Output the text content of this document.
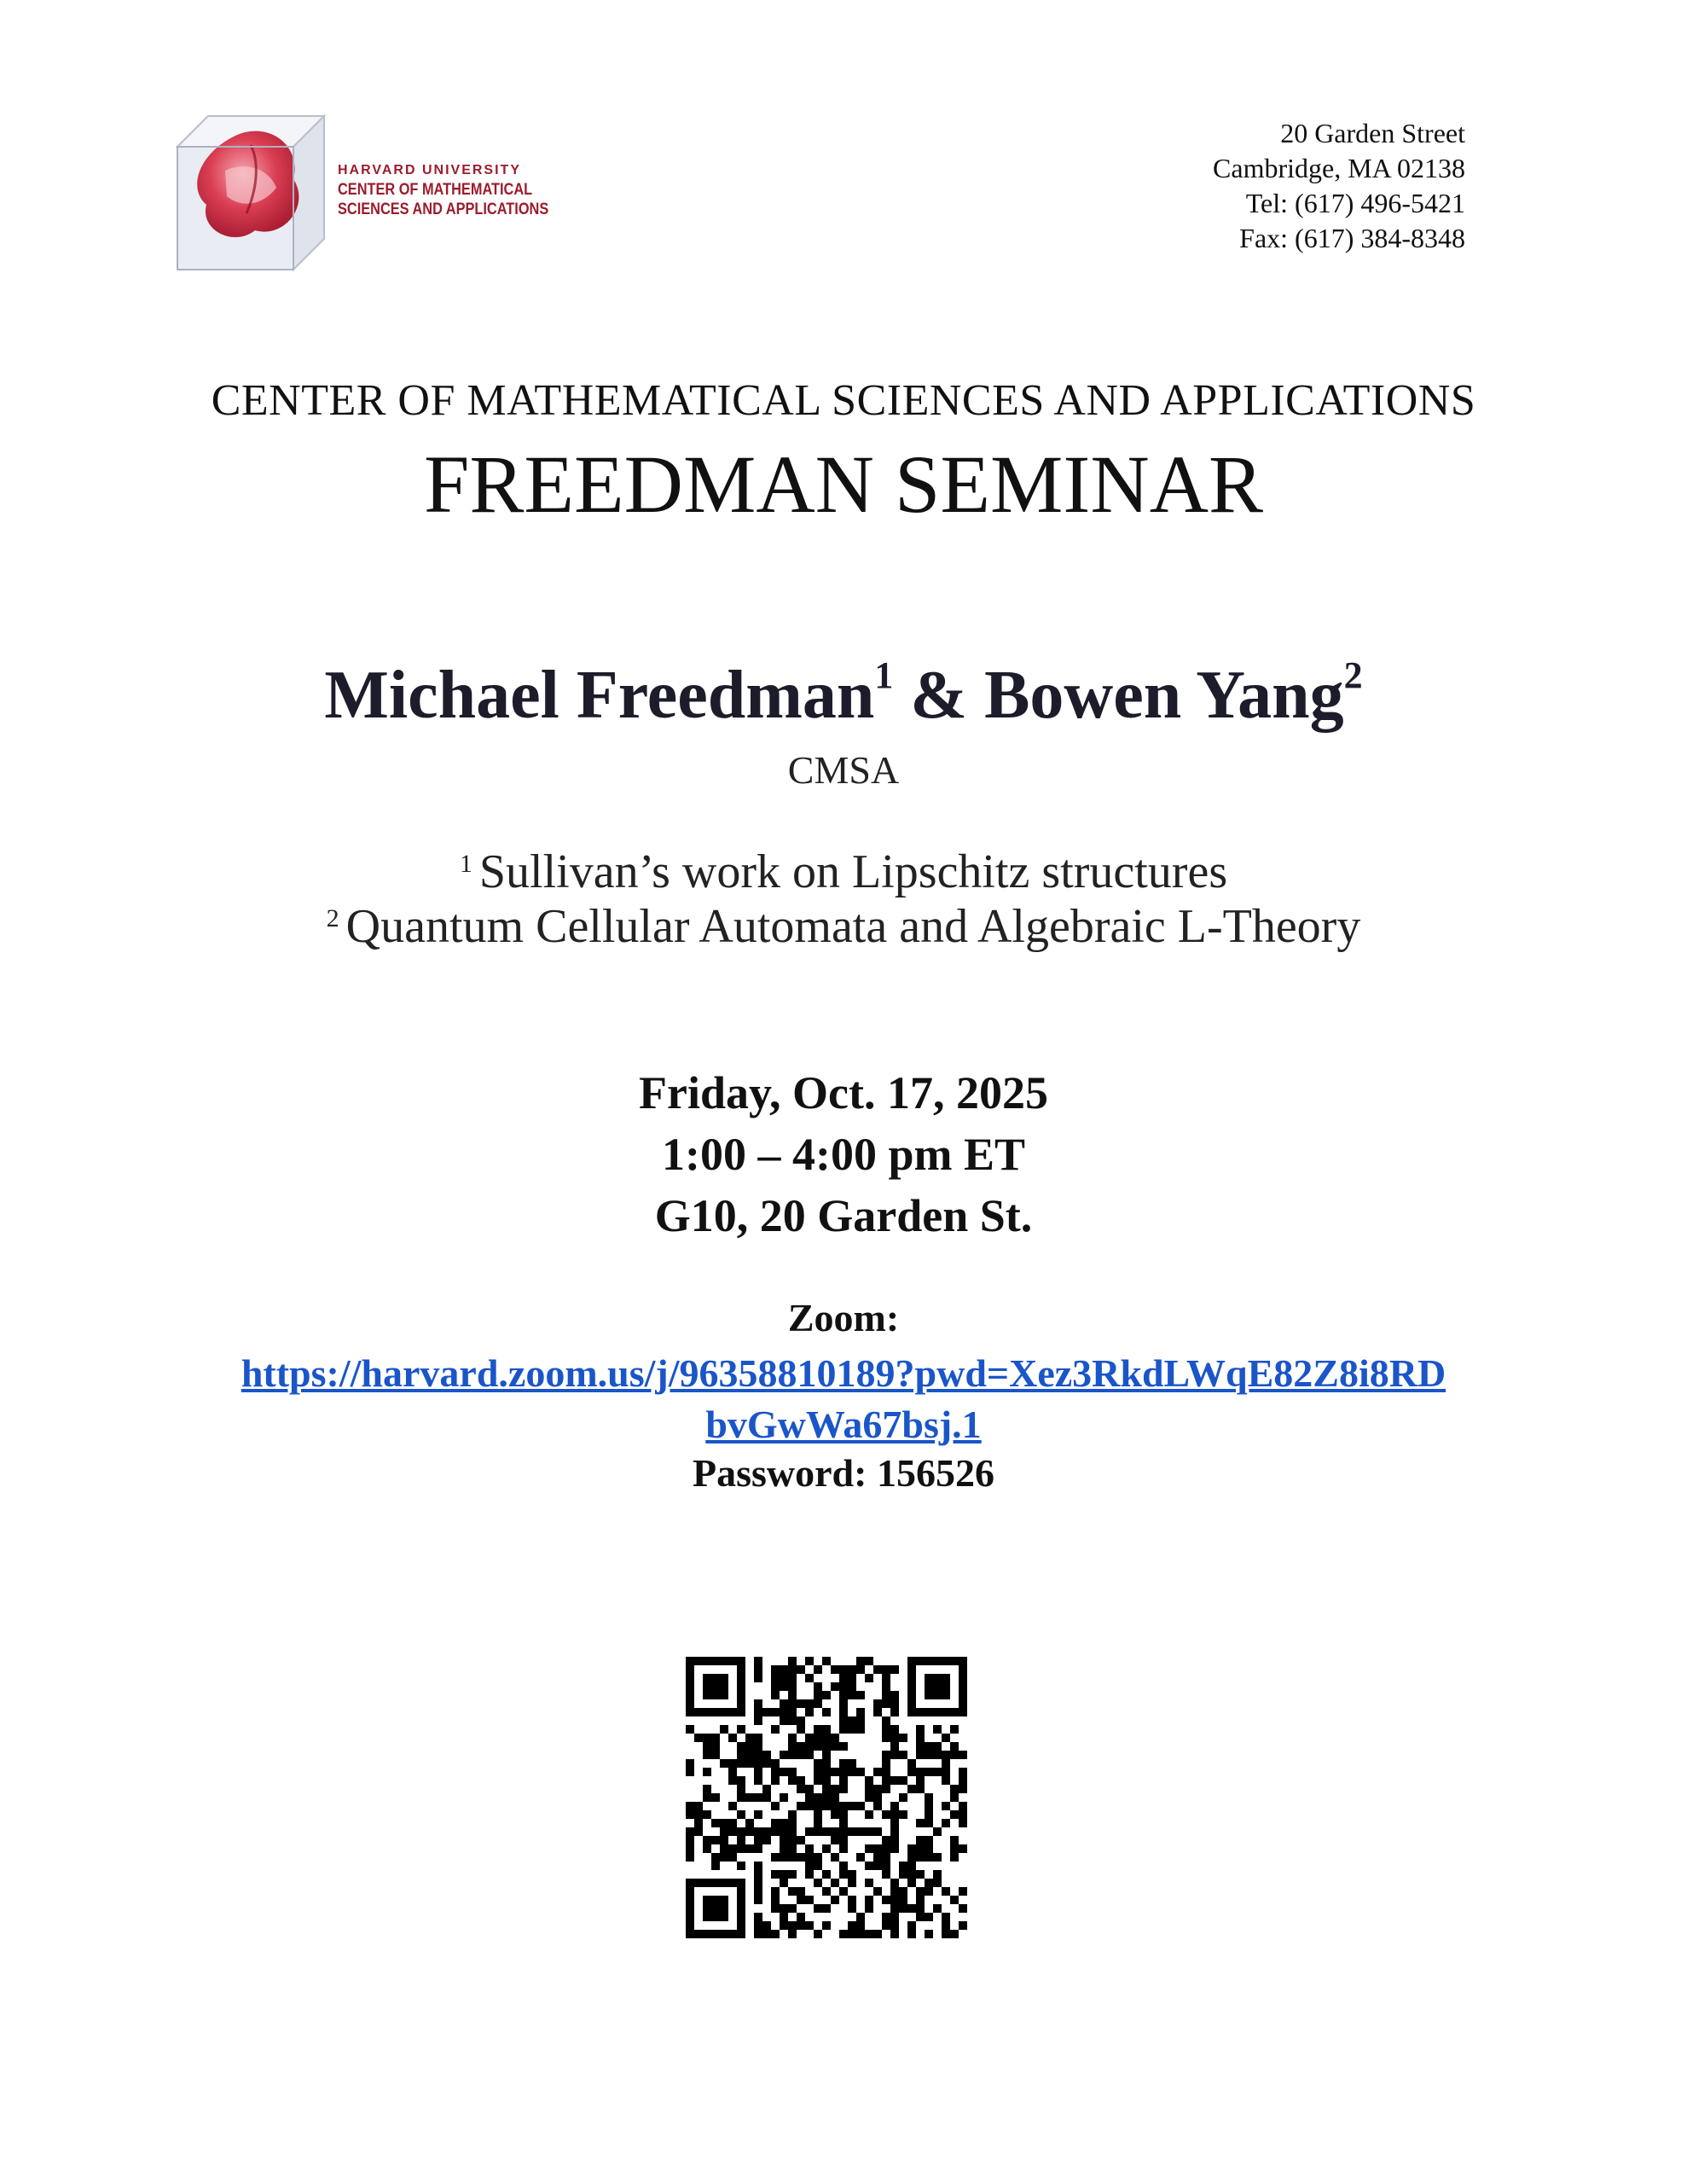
HARVARD UNIVERSITY
CENTER OF MATHEMATICAL
SCIENCES AND APPLICATIONS
20 Garden Street
Cambridge, MA 02138
Tel: (617) 496-5421
Fax: (617) 384-8348
CENTER OF MATHEMATICAL SCIENCES AND APPLICATIONS
FREEDMAN SEMINAR
Michael Freedman$^1$ & Bowen Yang$^2$
CMSA
$^1$ Sullivan’s work on Lipschitz structures
$^2$ Quantum Cellular Automata and Algebraic L-Theory
Friday, Oct. 17, 2025
1:00 – 4:00 pm ET
G10, 20 Garden St.
Zoom:
https://harvard.zoom.us/j/96358810189?pwd=Xez3RkdLWqE82Z8i8RD
bvGwWa67bsj.1
Password: 156526
